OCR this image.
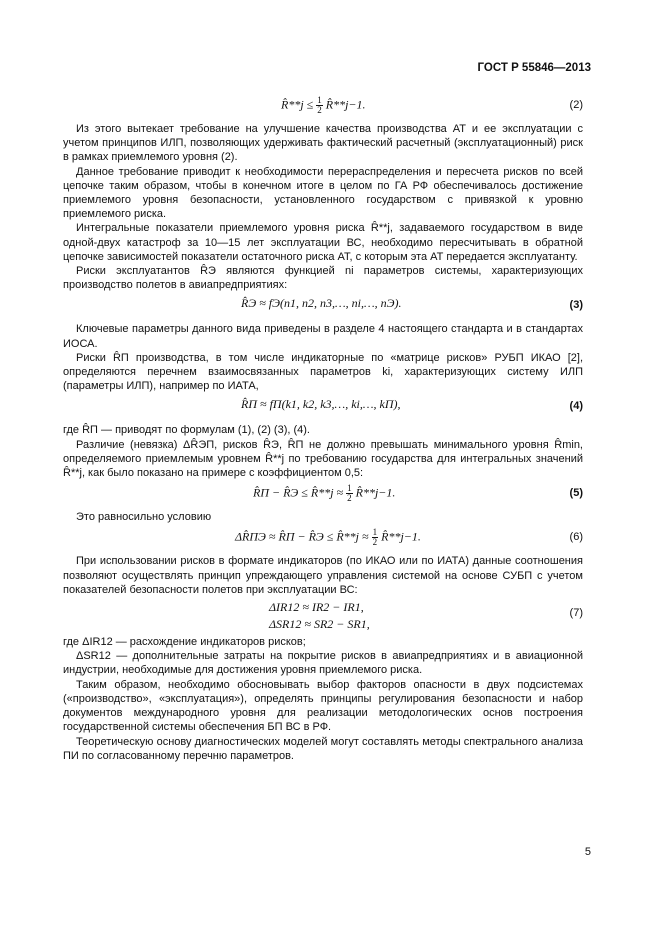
ГОСТ Р 55846—2013
R̂**j ≤ $\frac{1}{2}$ R̂**j−1.	(2)

Из этого вытекает требование на улучшение качества производства АТ и ее эксплуатации с учетом принципов ИЛП, позволяющих удерживать фактический расчетный (эксплуатационный) риск в рамках приемлемого уровня (2).

Данное требование приводит к необходимости перераспределения и пересчета рисков по всей цепочке таким образом, чтобы в конечном итоге в целом по ГА РФ обеспечивалось достижение приемлемого уровня безопасности, установленного государством с привязкой к уровню приемлемого риска.

Интегральные показатели приемлемого уровня риска R̂**j, задаваемого государством в виде одной-двух катастроф за 10—15 лет эксплуатации ВС, необходимо пересчитывать в обратной цепочке зависимостей показатели остаточного риска АТ, с которым эта АТ передается эксплуатанту.

Риски эксплуатантов R̂Э являются функцией ni параметров системы, характеризующих производство полетов в авиапредприятиях:

R̂Э ≈ fЭ(n1, n2, n3,…, ni,…, nЭ).	(3)

Ключевые параметры данного вида приведены в разделе 4 настоящего стандарта и в стандартах ИОСА.

Риски R̂П производства, в том числе индикаторные по «матрице рисков» РУБП ИКАО [2], определяются перечнем взаимосвязанных параметров ki, характеризующих систему ИЛП (параметры ИЛП), например по ИАТА,

R̂П ≈ fП(k1, k2, k3,…, ki,…, kП),	(4)

где R̂П — приводят по формулам (1), (2) (3), (4).

Различие (невязка) ΔR̂ЭП, рисков R̂Э, R̂П не должно превышать минимального уровня R̂min, определяемого приемлемым уровнем R̂**j по требованию государства для интегральных значений R̂**j, как было показано на примере с коэффициентом 0,5:

R̂П − R̂Э ≤ R̂**j ≈ $\frac{1}{2}$ R̂**j−1.	(5)

Это равносильно условию

ΔR̂ПЭ ≈ R̂П − R̂Э ≤ R̂**j ≈ $\frac{1}{2}$ R̂**j−1.	(6)

При использовании рисков в формате индикаторов (по ИКАО или по ИАТА) данные соотношения позволяют осуществлять принцип упреждающего управления системой на основе СУБП с учетом показателей безопасности полетов при эксплуатации ВС:

ΔIR12 ≈ IR2 − IR1,
ΔSR12 ≈ SR2 − SR1,
(7)

где ΔIR12 — расхождение индикаторов рисков;

ΔSR12 — дополнительные затраты на покрытие рисков в авиапредприятиях и в авиационной индустрии, необходимые для достижения уровня приемлемого риска.

Таким образом, необходимо обосновывать выбор факторов опасности в двух подсистемах («производство», «эксплуатация»), определять принципы регулирования безопасности и набор документов международного уровня для реализации методологических основ построения государственной системы обеспечения БП ВС в РФ.

Теоретическую основу диагностических моделей могут составлять методы спектрального анализа ПИ по согласованному перечню параметров.

5
